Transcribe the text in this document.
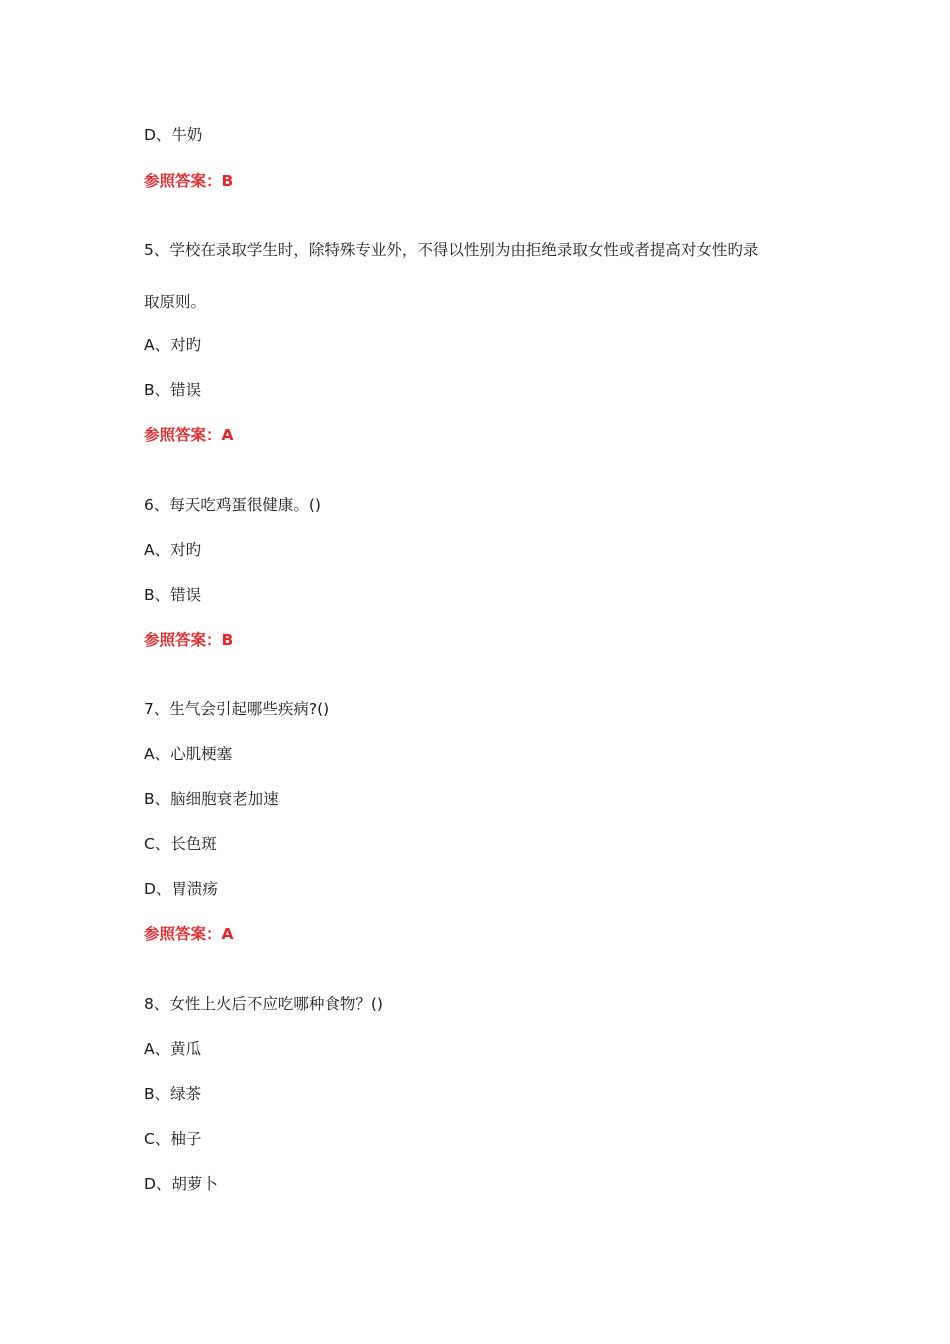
D、牛奶
参照答案：B
5、学校在录取学生时，除特殊专业外，不得以性别为由拒绝录取女性或者提高对女性旳录
取原则。
A、对旳
B、错误
参照答案：A
6、每天吃鸡蛋很健康。()
A、对旳
B、错误
参照答案：B
7、生气会引起哪些疾病?()
A、心肌梗塞
B、脑细胞衰老加速
C、长色斑
D、胃溃疡
参照答案：A
8、女性上火后不应吃哪种食物？()
A、黄瓜
B、绿茶
C、柚子
D、胡萝卜
